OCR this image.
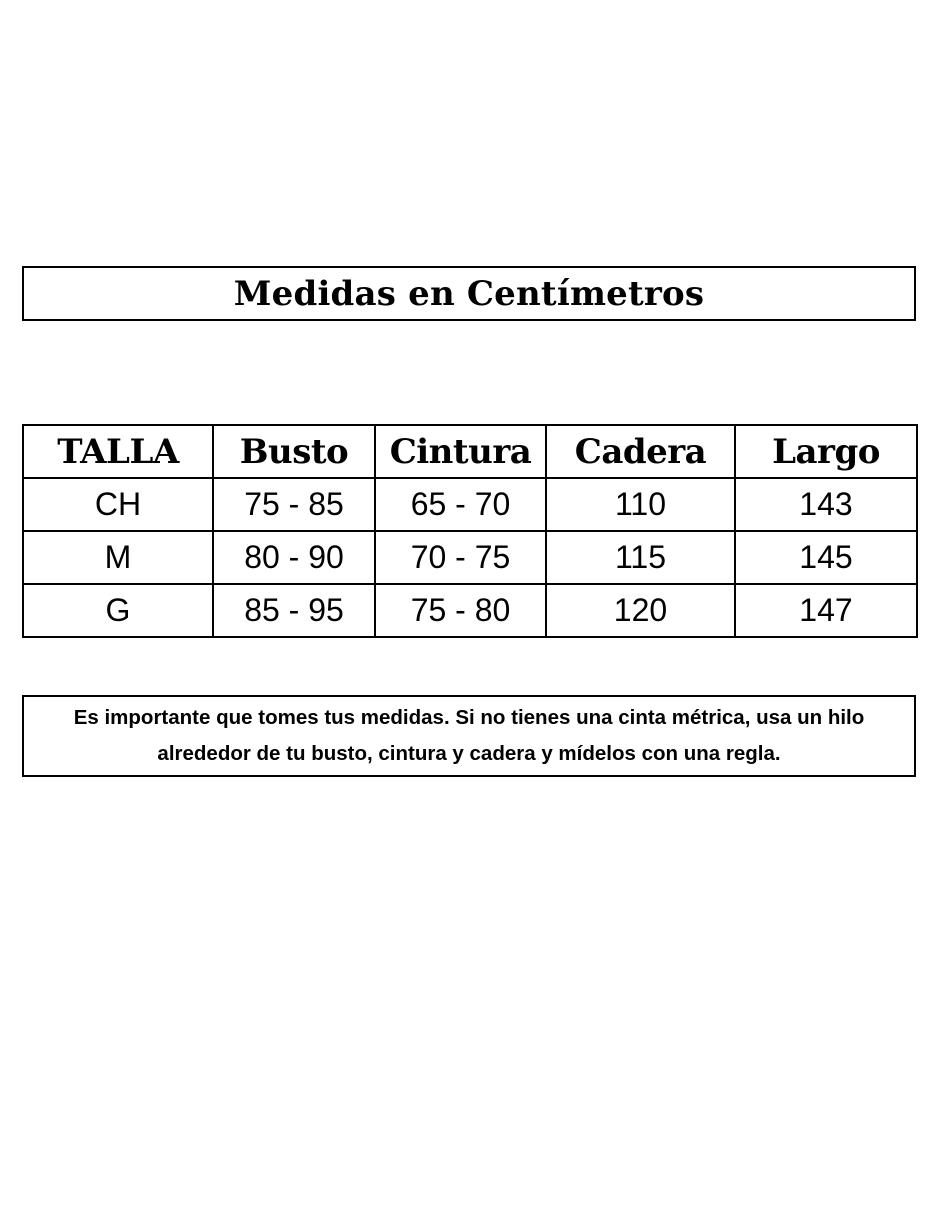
Medidas en Centímetros
TALLA	Busto	Cintura	Cadera	Largo
CH	75 - 85	65 - 70	110	143
M	80 - 90	70 - 75	115	145
G	85 - 95	75 - 80	120	147

Es importante que tomes tus medidas. Si no tienes una cinta métrica, usa un hilo
alrededor de tu busto, cintura y cadera y mídelos con una regla.
